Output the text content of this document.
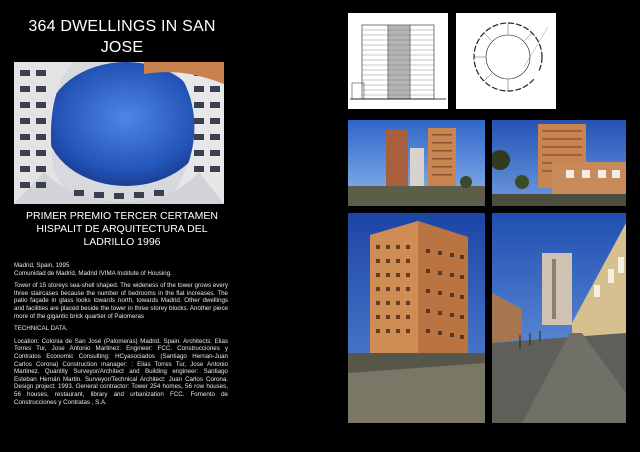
364 DWELLINGS IN SAN JOSE
PRIMER PREMIO TERCER CERTAMEN HISPALIT DE ARQUITECTURA DEL LADRILLO 1996

Madrid, Spain, 1995
Comunidad de Madrid, Madrid IVIMA Institute of Housing.

Tower of 15 storeys sea-shell shaped. The wideness of the tower grows every three staircases because the number of bedrooms in the flat increases. The patio façade in glass looks towards north, towards Madrid. Other dwellings and facilities are placed beside the tower in three storey blocks. Another piece more of the gigantic brick quartier of Palomeras

TECHNICAL DATA.

Location: Colonia de San José (Palomeras) Madrid. Spain. Architects: Elias Torres Tur, Jose Antonio Martinez. Engineer: FCC. Construcciones y Contratos Economic Consulting: HCyasociados (Santiago Hernan-Juan Carlos Corona) Construction manager: : Elias Torres Tur, Jose Antonio Martinez. Quantity Surveyor/Architect and Building engineer: Santiago Esteban Hernán Martin. Surveyor/Technical Architect: Juan Carlos Corona. Design project: 1993. General contractor: Tower 254 homes, 56 row houses, 56 houses, restaurant, library and urbanization FCC. Fomento de Construcciones y Contratas , S.A.
